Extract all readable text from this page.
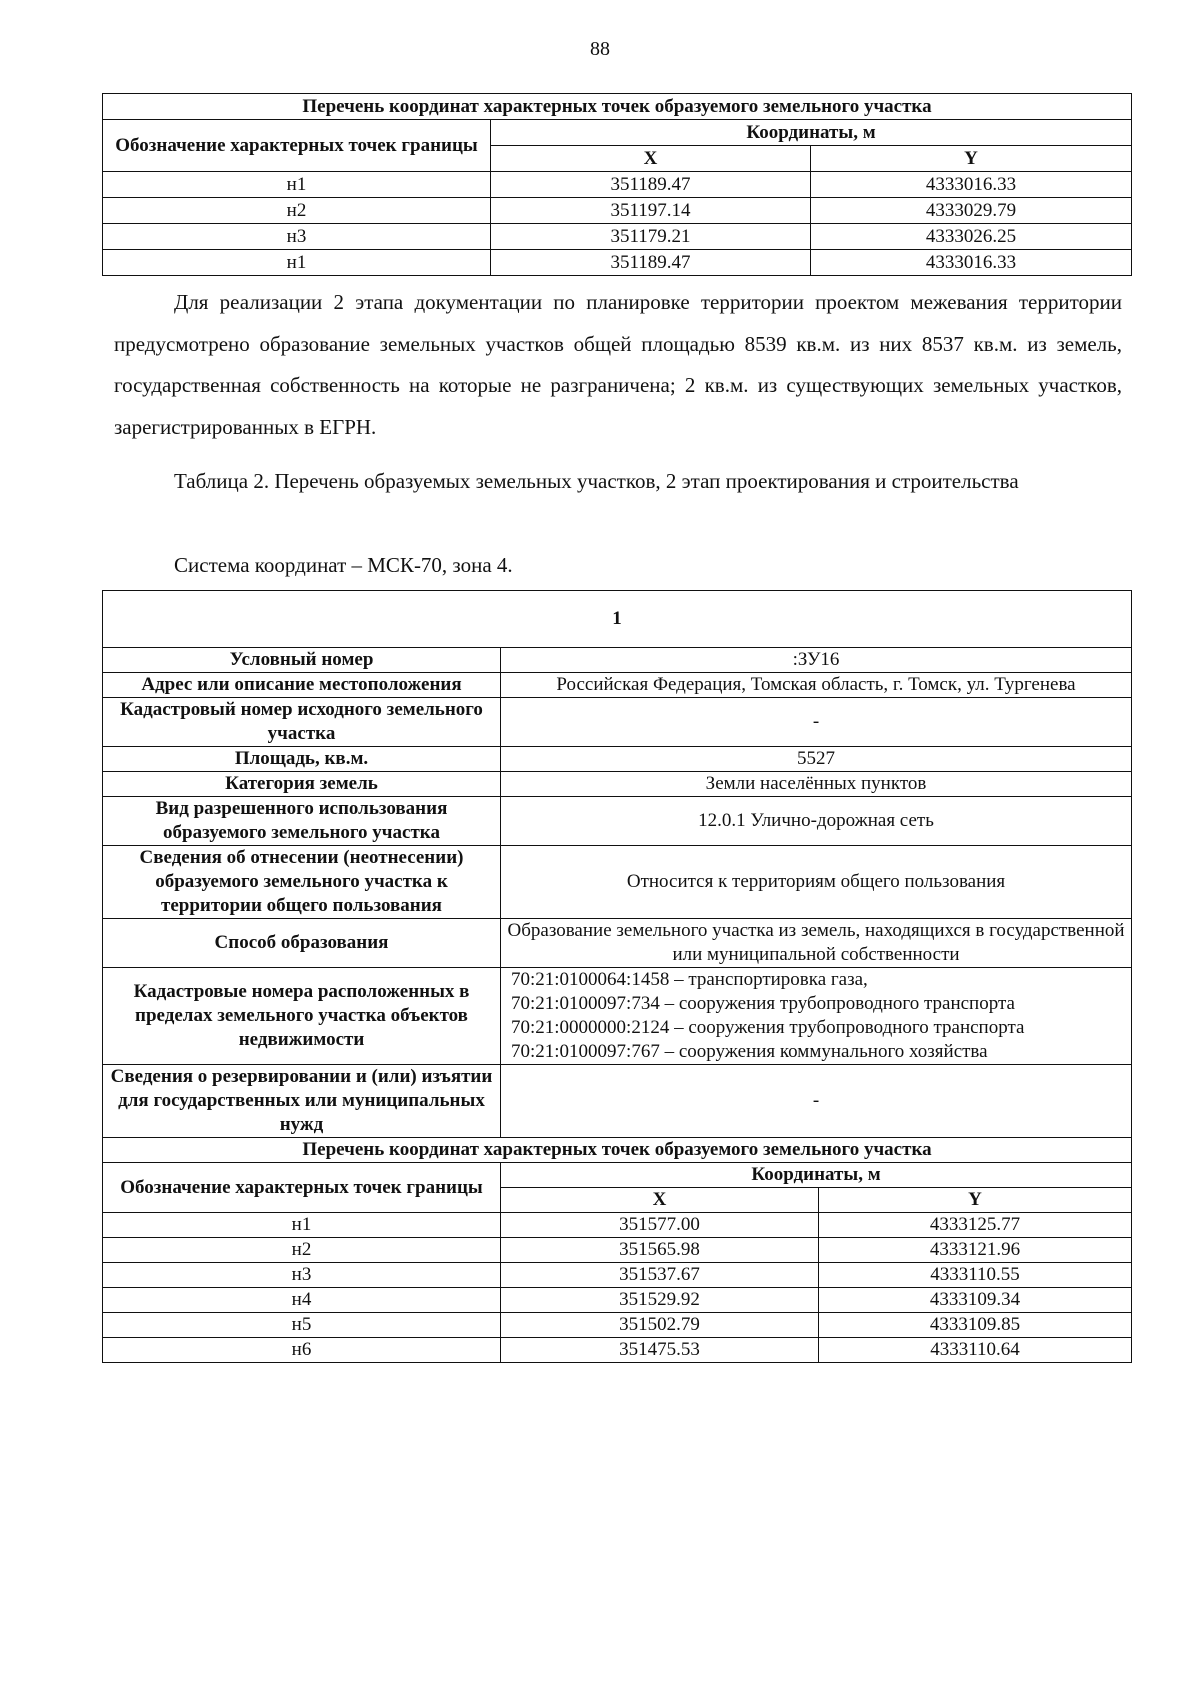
88
Перечень координат характерных точек образуемого земельного участка		
Обозначение характерных точек границы	Координаты, м	
	X	Y
н1	351189.47	4333016.33
н2	351197.14	4333029.79
н3	351179.21	4333026.25
н1	351189.47	4333016.33

Для реализации 2 этапа документации по планировке территории проектом межевания территории предусмотрено образование земельных участков общей площадью 8539 кв.м. из них 8537 кв.м. из земель, государственная собственность на которые не разграничена; 2 кв.м. из существующих земельных участков, зарегистрированных в ЕГРН.

Таблица 2. Перечень образуемых земельных участков, 2 этап проектирования и строительства

Система координат – МСК-70, зона 4.

1		
Условный номер	:ЗУ16	
Адрес или описание местоположения	Российская Федерация, Томская область, г. Томск, ул. Тургенева	
Кадастровый номер исходного земельного участка	-	
Площадь, кв.м.	5527	
Категория земель	Земли населённых пунктов	
Вид разрешенного использования образуемого земельного участка	12.0.1 Улично-дорожная сеть	
Сведения об отнесении (неотнесении) образуемого земельного участка к территории общего пользования	Относится к территориям общего пользования	
Способ образования	Образование земельного участка из земель, находящихся в государственной или муниципальной собственности	
Кадастровые номера расположенных в пределах земельного участка объектов недвижимости	70:21:0100064:1458 – транспортировка газа,
70:21:0100097:734 – сооружения трубопроводного транспорта
70:21:0000000:2124 – сооружения трубопроводного транспорта
70:21:0100097:767 – сооружения коммунального хозяйства	

Сведения о резервировании и (или) изъятии для государственных или муниципальных нужд	-	
Перечень координат характерных точек образуемого земельного участка		
Обозначение характерных точек границы	Координаты, м	
	X	Y
н1	351577.00	4333125.77
н2	351565.98	4333121.96
н3	351537.67	4333110.55
н4	351529.92	4333109.34
н5	351502.79	4333109.85
н6	351475.53	4333110.64
